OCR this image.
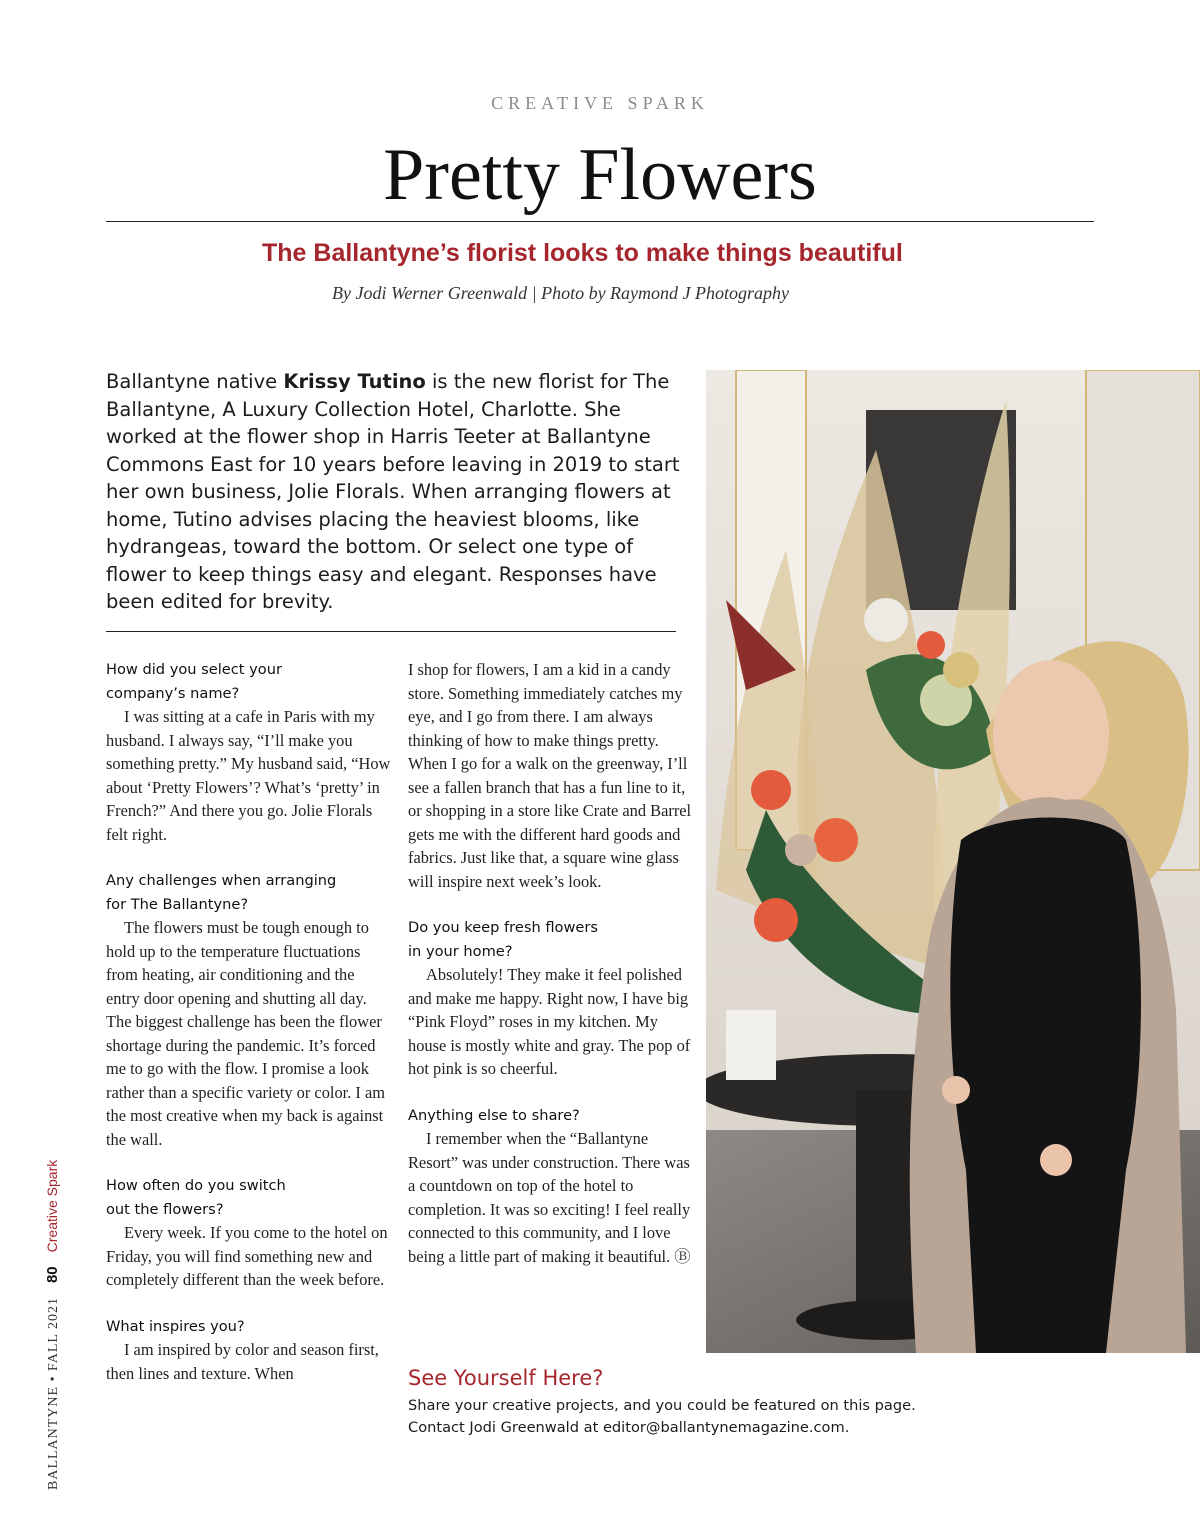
CREATIVE SPARK
Pretty Flowers
The Ballantyne’s florist looks to make things beautiful
By Jodi Werner Greenwald | Photo by Raymond J Photography
Ballantyne native Krissy Tutino is the new florist for The Ballantyne, A Luxury Collection Hotel, Charlotte. She worked at the flower shop in Harris Teeter at Ballantyne Commons East for 10 years before leaving in 2019 to start her own business, Jolie Florals. When arranging flowers at home, Tutino advises placing the heaviest blooms, like hydrangeas, toward the bottom. Or select one type of flower to keep things easy and elegant. Responses have been edited for brevity.

How did you select your
company’s name?

I was sitting at a cafe in Paris with my husband. I always say, “I’ll make you something pretty.” My husband said, “How about ‘Pretty Flowers’? What’s ‘pretty’ in French?” And there you go. Jolie Florals felt right.

Any challenges when arranging
for The Ballantyne?

The flowers must be tough enough to hold up to the temperature fluctuations from heating, air conditioning and the entry door opening and shutting all day. The biggest challenge has been the flower shortage during the pandemic. It’s forced me to go with the flow. I promise a look rather than a specific variety or color. I am the most creative when my back is against the wall.

How often do you switch
out the flowers?

Every week. If you come to the hotel on Friday, you will find something new and completely different than the week before.

What inspires you?

I am inspired by color and season first, then lines and texture. When

I shop for flowers, I am a kid in a candy store. Something immediately catches my eye, and I go from there. I am always thinking of how to make things pretty. When I go for a walk on the greenway, I’ll see a fallen branch that has a fun line to it, or shopping in a store like Crate and Barrel gets me with the different hard goods and fabrics. Just like that, a square wine glass will inspire next week’s look.

Do you keep fresh flowers
in your home?

Absolutely! They make it feel polished and make me happy. Right now, I have big “Pink Floyd” roses in my kitchen. My house is mostly white and gray. The pop of hot pink is so cheerful.

Anything else to share?

I remember when the “Ballantyne Resort” was under construction. There was a countdown on top of the hotel to completion. It was so exciting! I feel really connected to this community, and I love being a little part of making it beautiful. Ⓑ

See Yourself Here?
Share your creative projects, and you could be featured on this page.
Contact Jodi Greenwald at editor@ballantynemagazine.com.
BALLANTYNE • FALL 202180Creative Spark
